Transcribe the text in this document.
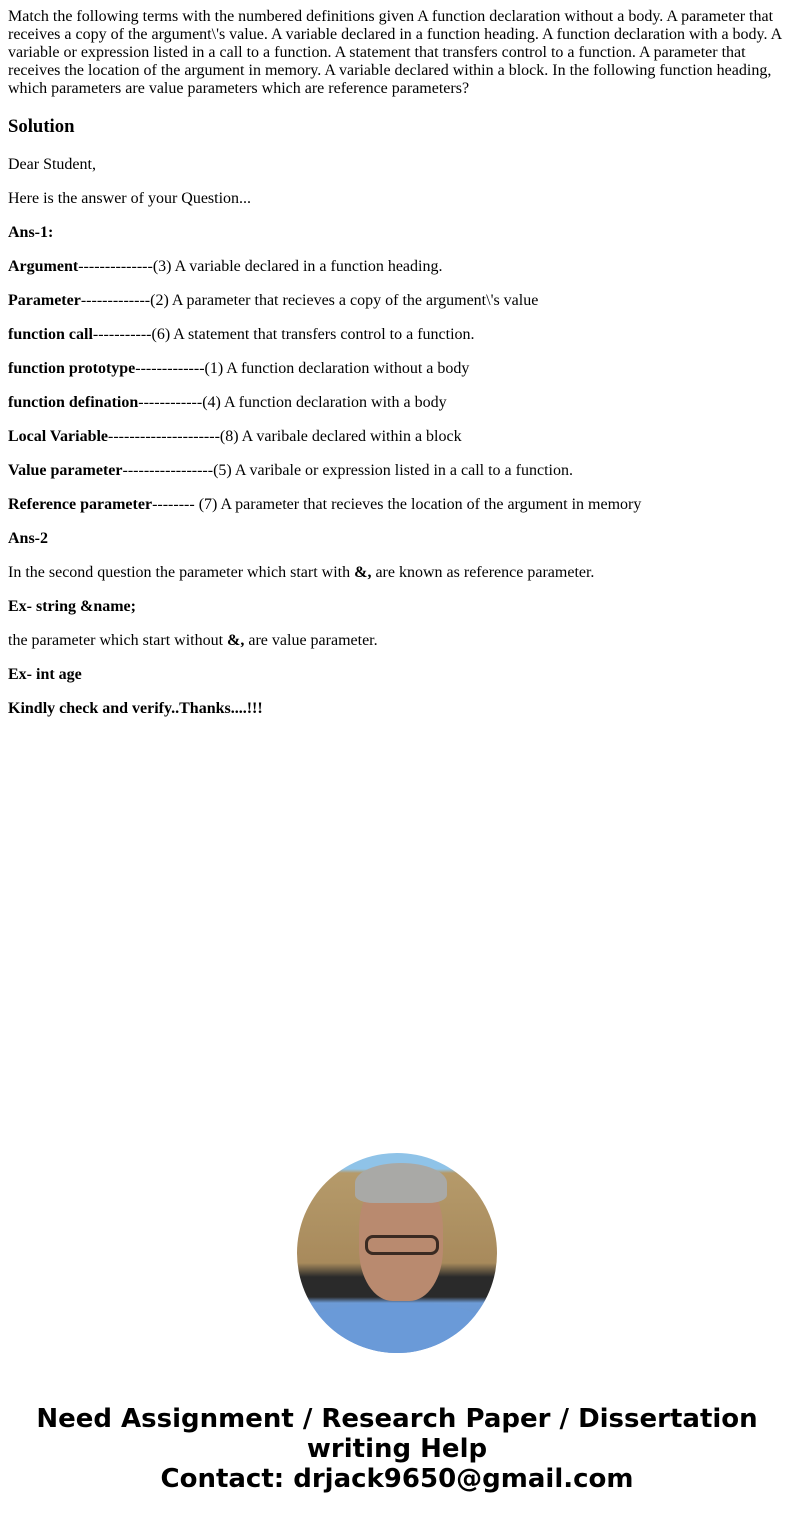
Match the following terms with the numbered definitions given A function declaration without a body. A parameter that receives a copy of the argument\'s value. A variable declared in a function heading. A function declaration with a body. A variable or expression listed in a call to a function. A statement that transfers control to a function. A parameter that receives the location of the argument in memory. A variable declared within a block. In the following function heading, which parameters are value parameters which are reference parameters?

Solution

Dear Student,

Here is the answer of your Question...

Ans-1:

Argument--------------(3) A variable declared in a function heading.

Parameter-------------(2) A parameter that recieves a copy of the argument\'s value

function call-----------(6) A statement that transfers control to a function.

function prototype-------------(1) A function declaration without a body

function defination------------(4) A function declaration with a body

Local Variable---------------------(8) A varibale declared within a block

Value parameter-----------------(5) A varibale or expression listed in a call to a function.

Reference parameter-------- (7) A parameter that recieves the location of the argument in memory

Ans-2

In the second question the parameter which start with &, are known as reference parameter.

Ex- string &name;

the parameter which start without &, are value parameter.

Ex- int age

Kindly check and verify..Thanks....!!!

Need Assignment / Research Paper / Dissertation
writing Help
Contact: drjack9650@gmail.com
